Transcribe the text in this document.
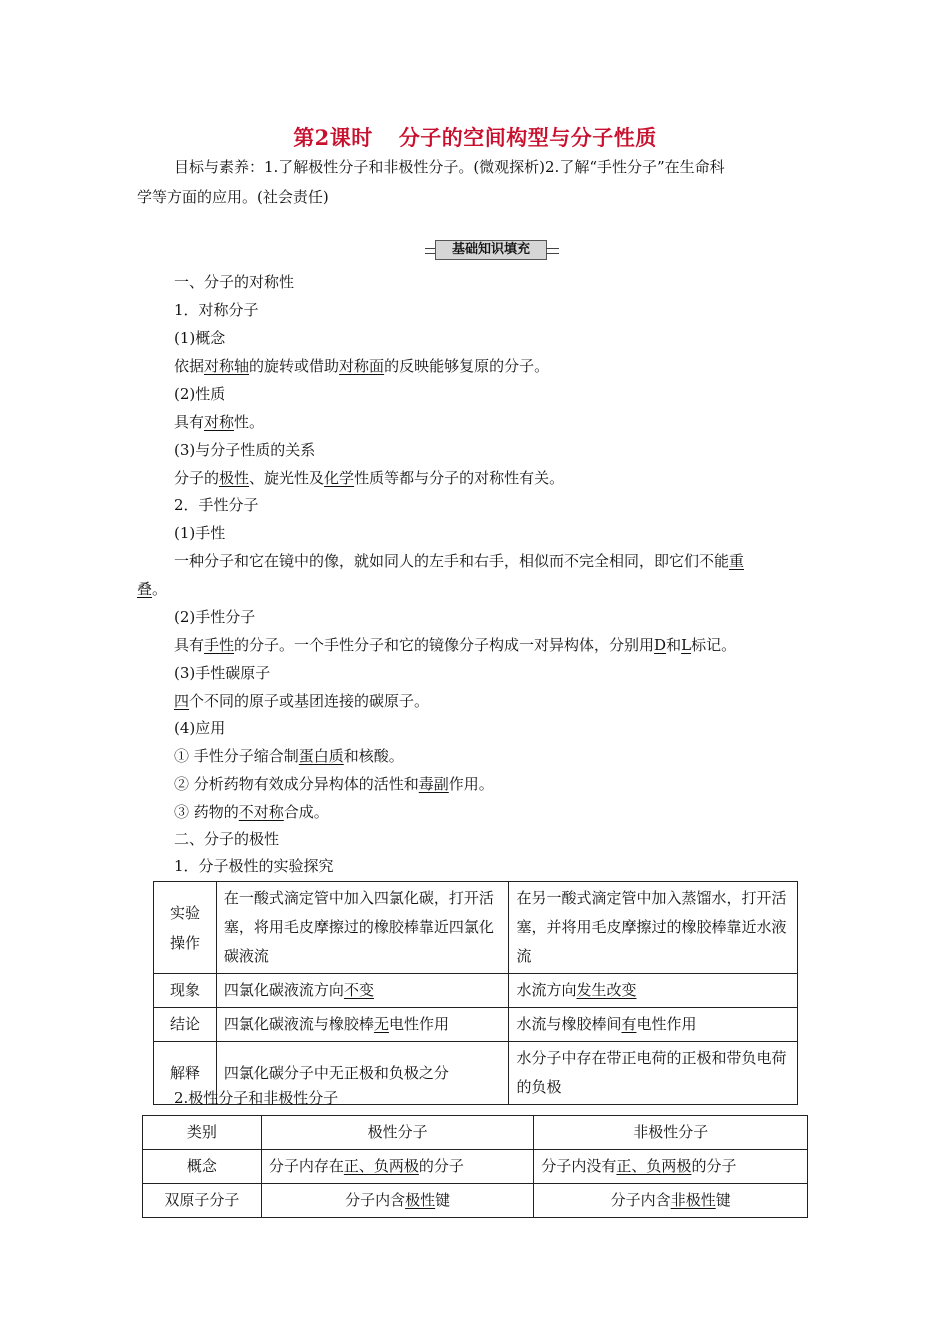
第2课时 分子的空间构型与分子性质
目标与素养：1.了解极性分子和非极性分子。(微观探析)2.了解“手性分子”在生命科
学等方面的应用。(社会责任)
基础知识填充
一、分子的对称性
1．对称分子
(1)概念
依据对称轴的旋转或借助对称面的反映能够复原的分子。
(2)性质
具有对称性。
(3)与分子性质的关系
分子的极性、旋光性及化学性质等都与分子的对称性有关。
2．手性分子
(1)手性
一种分子和它在镜中的像，就如同人的左手和右手，相似而不完全相同，即它们不能重
叠。
(2)手性分子
具有手性的分子。一个手性分子和它的镜像分子构成一对异构体，分别用D和L标记。
(3)手性碳原子
四个不同的原子或基团连接的碳原子。
(4)应用
① 手性分子缩合制蛋白质和核酸。
② 分析药物有效成分异构体的活性和毒副作用。
③ 药物的不对称合成。
二、分子的极性
1．分子极性的实验探究
实验
操作	在一酸式滴定管中加入四氯化碳，打开活塞，将用毛皮摩擦过的橡胶棒靠近四氯化碳液流	在另一酸式滴定管中加入蒸馏水，打开活塞，并将用毛皮摩擦过的橡胶棒靠近水液流
现象	四氯化碳液流方向不变	水流方向发生改变
结论	四氯化碳液流与橡胶棒无电性作用	水流与橡胶棒间有电性作用
解释	四氯化碳分子中无正极和负极之分	水分子中存在带正电荷的正极和带负电荷的负极
2.极性分子和非极性分子
类别	极性分子	非极性分子
概念	分子内存在正、负两极的分子	分子内没有正、负两极的分子
双原子分子	分子内含极性键	分子内含非极性键
